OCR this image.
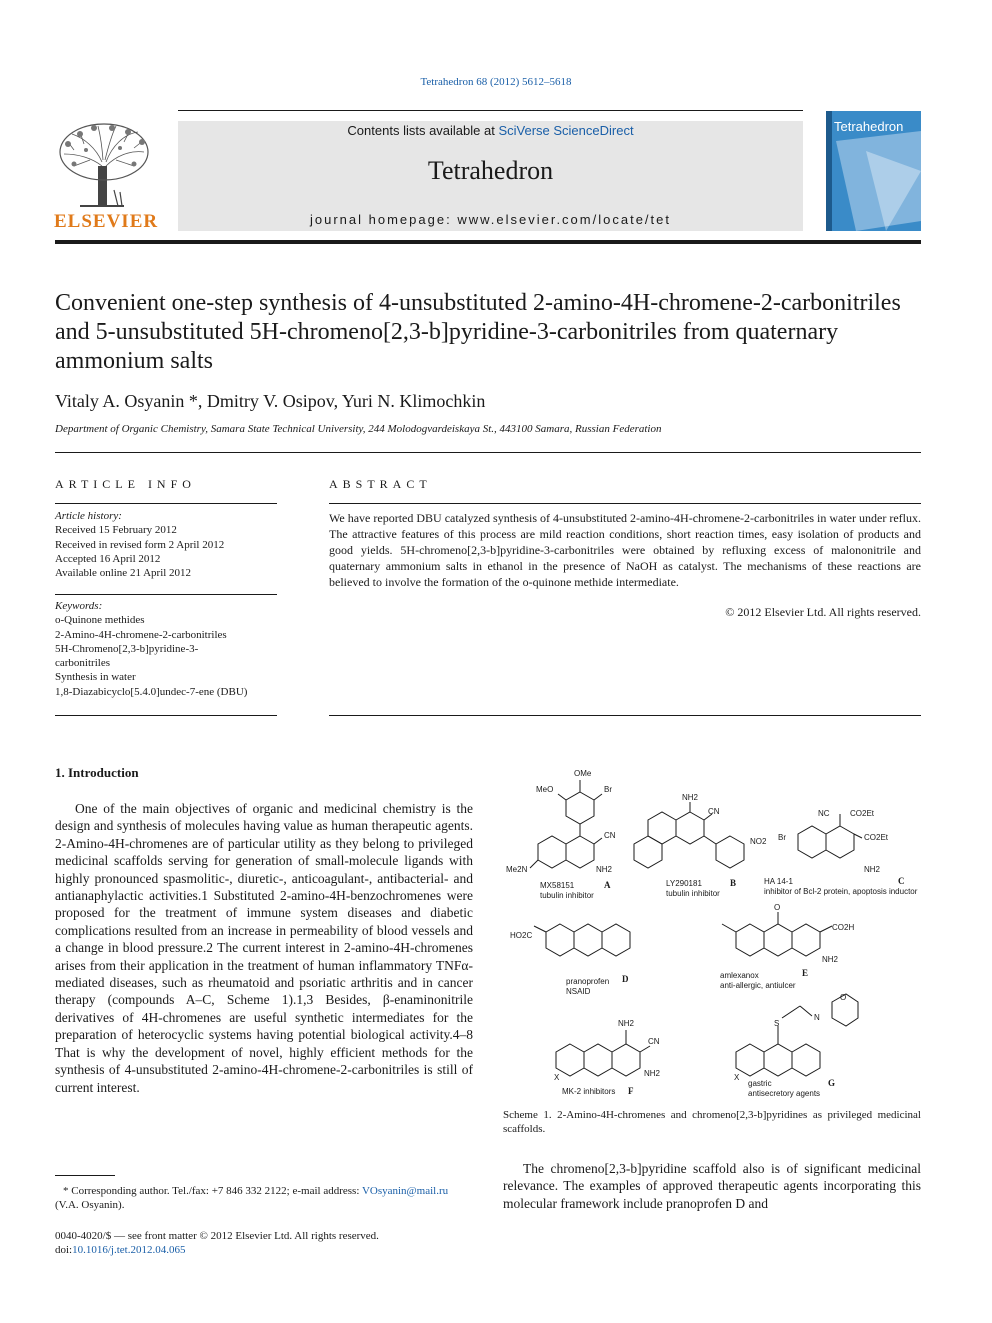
Tetrahedron 68 (2012) 5612–5618
ELSEVIER
Contents lists available at SciVerse ScienceDirect
Tetrahedron
journal homepage: www.elsevier.com/locate/tet
Tetrahedron
Convenient one-step synthesis of 4-unsubstituted 2-amino-4H-chromene-2-carbonitriles and 5-unsubstituted 5H-chromeno[2,3-b]pyridine-3-carbonitriles from quaternary ammonium salts
Vitaly A. Osyanin *, Dmitry V. Osipov, Yuri N. Klimochkin
Department of Organic Chemistry, Samara State Technical University, 244 Molodogvardeiskaya St., 443100 Samara, Russian Federation
ARTICLE INFO
Article history:
Received 15 February 2012
Received in revised form 2 April 2012
Accepted 16 April 2012
Available online 21 April 2012
Keywords:
o-Quinone methides
2-Amino-4H-chromene-2-carbonitriles
5H-Chromeno[2,3-b]pyridine-3-
carbonitriles
Synthesis in water
1,8-Diazabicyclo[5.4.0]undec-7-ene (DBU)
ABSTRACT
We have reported DBU catalyzed synthesis of 4-unsubstituted 2-amino-4H-chromene-2-carbonitriles in water under reflux. The attractive features of this process are mild reaction conditions, short reaction times, easy isolation of products and good yields. 5H-chromeno[2,3-b]pyridine-3-carbonitriles were obtained by refluxing excess of malononitrile and quaternary ammonium salts in ethanol in the presence of NaOH as catalyst. The mechanisms of these reactions are believed to involve the formation of the o-quinone methide intermediate.
© 2012 Elsevier Ltd. All rights reserved.
1. Introduction
One of the main objectives of organic and medicinal chemistry is the design and synthesis of molecules having value as human therapeutic agents. 2-Amino-4H-chromenes are of particular utility as they belong to privileged medicinal scaffolds serving for generation of small-molecule ligands with highly pronounced spasmolitic-, diuretic-, anticoagulant-, antibacterial- and antianaphylactic activities.1 Substituted 2-amino-4H-benzochromenes were proposed for the treatment of immune system diseases and diabetic complications resulted from an increase in permeability of blood vessels and a change in blood pressure.2 The current interest in 2-amino-4H-chromenes arises from their application in the treatment of human inflammatory TNFα-mediated diseases, such as rheumatoid and psoriatic arthritis and in cancer therapy (compounds A–C, Scheme 1).1,3 Besides, β-enaminonitrile derivatives of 4H-chromenes are useful synthetic intermediates for the preparation of heterocyclic systems having potential biological activity.4–8 That is why the development of novel, highly efficient methods for the synthesis of 4-unsubstituted 2-amino-4H-chromene-2-carbonitriles is still of current interest.
OMe
MeO	Br
CN
NH2
Me2N
NH2
CN
NO2
NC	CO2Et
CO2Et
Br
NH2
HO2C
CO2H
O
NH2
NH2
CN
NH2
X
S
N
O
X
MX58151
tubulin inhibitor
A	LY290181
tubulin inhibitor
B	HA 14-1
inhibitor of Bcl-2 protein, apoptosis inductor
C
pranoprofen
NSAID
D	amlexanox
anti-allergic, antiulcer
E
MK-2 inhibitors F
gastric
antisecretory agents
G
Scheme 1. 2-Amino-4H-chromenes and chromeno[2,3-b]pyridines as privileged medicinal scaffolds.
The chromeno[2,3-b]pyridine scaffold also is of significant medicinal relevance. The examples of approved therapeutic agents incorporating this molecular framework include pranoprofen D and
* Corresponding author. Tel./fax: +7 846 332 2122; e-mail address: VOsyanin@mail.ru (V.A. Osyanin).
0040-4020/$ — see front matter © 2012 Elsevier Ltd. All rights reserved.
doi:10.1016/j.tet.2012.04.065
